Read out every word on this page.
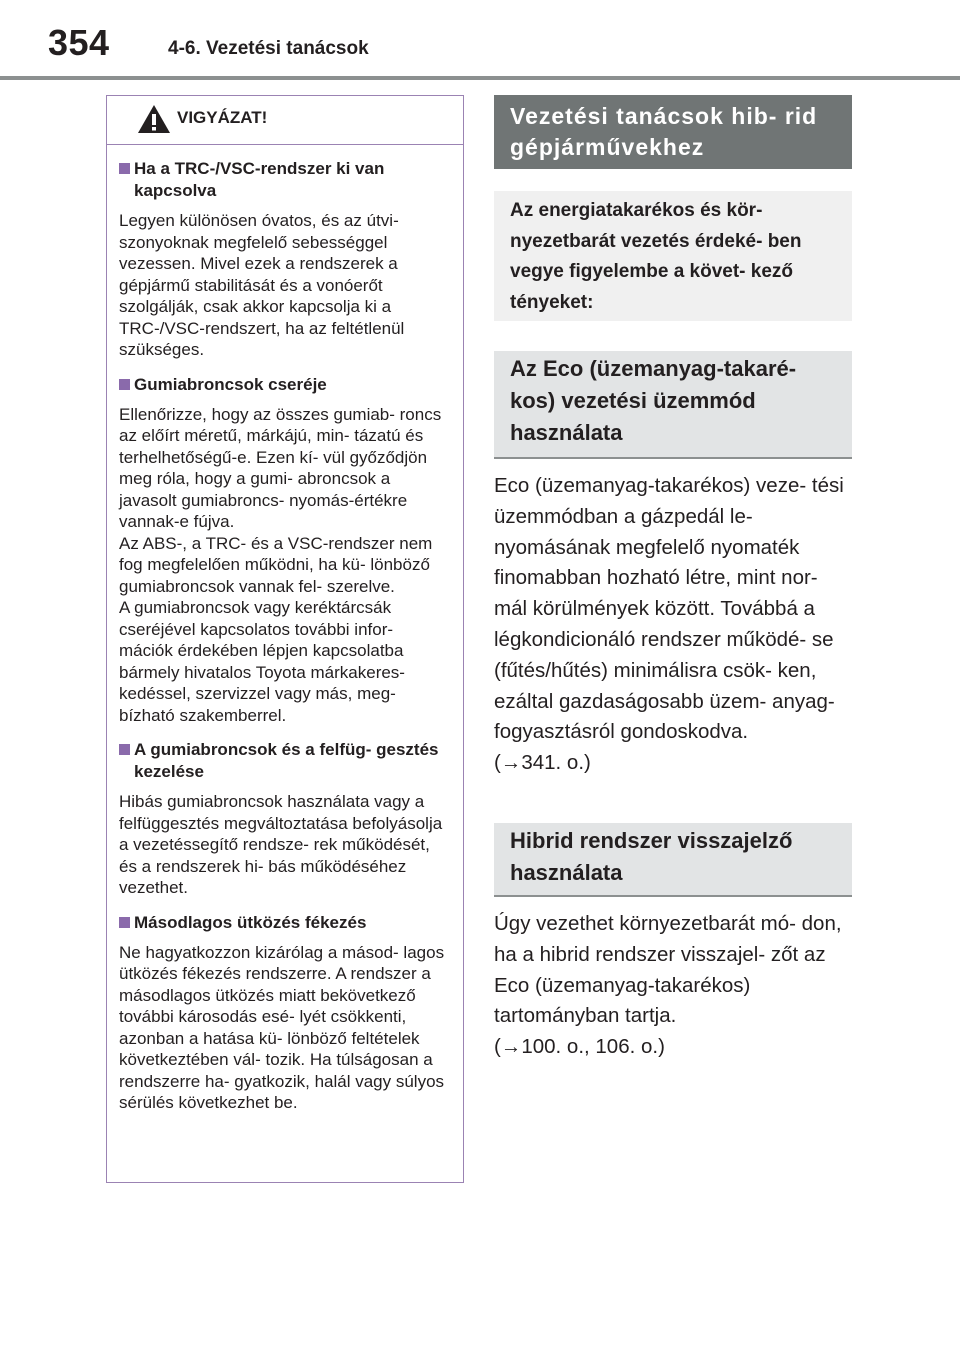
354	4-6. Vezetési tanácsok
VIGYÁZAT!
Ha a TRC-/VSC-rendszer ki van kapcsolva
Legyen különösen óvatos, és az útvi- szonyoknak megfelelő sebességgel vezessen. Mivel ezek a rendszerek a gépjármű stabilitását és a vonóerőt szolgálják, csak akkor kapcsolja ki a TRC-/VSC-rendszert, ha az feltétlenül szükséges.
Gumiabroncsok cseréje
Ellenőrizze, hogy az összes gumiab- roncs az előírt méretű, márkájú, min- tázatú és terhelhetőségű-e. Ezen kí- vül győződjön meg róla, hogy a gumi- abroncsok a javasolt gumiabroncs- nyomás-értékre vannak-e fújva.
Az ABS-, a TRC- és a VSC-rendszer nem fog megfelelően működni, ha kü- lönböző gumiabroncsok vannak fel- szerelve.
A gumiabroncsok vagy keréktárcsák cseréjével kapcsolatos további infor- mációk érdekében lépjen kapcsolatba bármely hivatalos Toyota márkakeres- kedéssel, szervizzel vagy más, meg- bízható szakemberrel.
A gumiabroncsok és a felfüg- gesztés kezelése
Hibás gumiabroncsok használata vagy a felfüggesztés megváltoztatása befolyásolja a vezetéssegítő rendsze- rek működését, és a rendszerek hi- bás működéséhez vezethet.
Másodlagos ütközés fékezés
Ne hagyatkozzon kizárólag a másod- lagos ütközés fékezés rendszerre. A rendszer a másodlagos ütközés miatt bekövetkező további károsodás esé- lyét csökkenti, azonban a hatása kü- lönböző feltételek következtében vál- tozik. Ha túlságosan a rendszerre ha- gyatkozik, halál vagy súlyos sérülés következhet be.
Vezetési tanácsok hib- rid gépjárművekhez
Az energiatakarékos és kör- nyezetbarát vezetés érdeké- ben vegye figyelembe a követ- kező tényeket:
Az Eco (üzemanyag-takaré- kos) vezetési üzemmód használata
Eco (üzemanyag-takarékos) veze- tési üzemmódban a gázpedál le- nyomásának megfelelő nyomaték finomabban hozható létre, mint nor- mál körülmények között. Továbbá a légkondicionáló rendszer működé- se (fűtés/hűtés) minimálisra csök- ken, ezáltal gazdaságosabb üzem- anyag-fogyasztásról gondoskodva.
(→341. o.)
Hibrid rendszer visszajelző használata
Úgy vezethet környezetbarát mó- don, ha a hibrid rendszer visszajel- zőt az Eco (üzemanyag-takarékos) tartományban tartja.
(→100. o., 106. o.)
